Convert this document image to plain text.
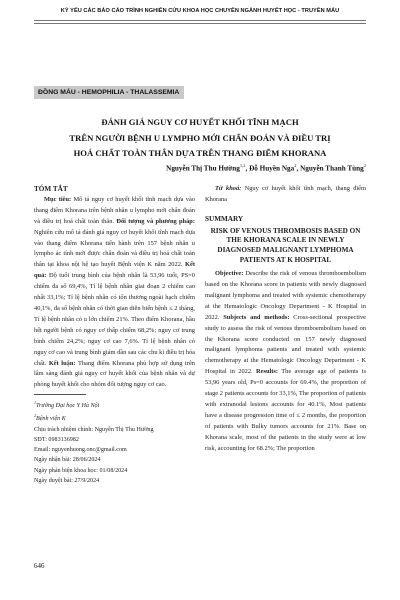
KỶ YẾU CÁC BÁO CÁO TRÌNH NGHIÊN CỨU KHOA HỌC CHUYÊN NGÀNH HUYẾT HỌC - TRUYỀN MÁU
ĐỒNG MÁU - HEMOPHILIA - THALASSEMIA
ĐÁNH GIÁ NGUY CƠ HUYẾT KHỐI TĨNH MẠCH
TRÊN NGƯỜI BỆNH U LYMPHO MỚI CHẨN ĐOÁN VÀ ĐIỀU TRỊ
HOÁ CHẤT TOÀN THÂN DỰA TRÊN THANG ĐIỂM KHORANA
Nguyễn Thị Thu Hường$^{1,2}$, Đỗ Huyền Nga$^2$, Nguyễn Thanh Tùng$^2$
TÓM TẮT

Mục tiêu: Mô tả nguy cơ huyết khối tĩnh mạch dựa vào thang điểm Khorana trên bệnh nhân u lympho mới chẩn đoán và điều trị hoá chất toàn thân. Đối tượng và phương pháp: Nghiên cứu mô tả đánh giá nguy cơ huyết khối tĩnh mạch dựa vào thang điểm Khorana tiến hành trên 157 bệnh nhân u lympho ác tính mới được chẩn đoán và điều trị hoá chất toàn thân tại khoa nội hệ tạo huyết Bệnh viện K năm 2022. Kết quả: Độ tuổi trung bình của bệnh nhân là 53,96 tuổi, PS=0 chiếm đa số 69,4%, Tỉ lệ bệnh nhân giai đoạn 2 chiếm cao nhất 33,1%; Tỉ lệ bệnh nhân có tổn thương ngoài hạch chiếm 40,1%, đa số bệnh nhân có thời gian diễn biến bệnh ≤ 2 tháng, Tỉ lệ bệnh nhân có u lớn chiếm 21%. Theo điểm Khorana, hầu hết người bệnh có nguy cơ thấp chiếm 68,2%; nguy cơ trung bình chiếm 24,2%; nguy cơ cao 7,6%. Tỉ lệ bệnh nhân có nguy cơ cao và trung bình giảm dần sau các chu kì điều trị hóa chất. Kết luận: Thang điểm Khorana phù hợp sử dụng trên lâm sàng đánh giá nguy cơ huyết khối của bệnh nhân và dự phòng huyết khối cho nhóm đối tượng nguy cơ cao.

$^1$Trường Đại học Y Hà Nội
$^2$Bệnh viện K
Chịu trách nhiệm chính: Nguyễn Thị Thu Hường
SĐT: 0983136982
Email: nguyenhuong.onc@gmail.com
Ngày nhận bài: 28/06/2024
Ngày phản biện khoa học: 01/08/2024
Ngày duyệt bài: 27/9/2024

Từ khoá: Nguy cơ huyết khối tĩnh mạch, thang điểm Khorana

SUMMARY
RISK OF VENOUS THROMBOSIS BASED ON THE KHORANA SCALE IN NEWLY DIAGNOSED MALIGNANT LYMPHOMA PATIENTS AT K HOSPITAL

Objective: Describe the risk of venous thromboembolism based on the Khorana score in patients with newly diagnosed malignant lymphoma and treated with systemic chemotherapy at the Hematologic Oncology Department - K Hospital in 2022. Subjects and methods: Cross-sectional prospective study to assess the risk of venous thromboembolism based on the Khorana score conducted on 157 newly diagnosed malignant lymphoma patients and treated with systemic chemotherapy at the Hematologic Oncology Department - K Hospital in 2022. Results: The average age of patients is 53,96 years old, Ps=0 accounts for 69.4%, the proportion of stage 2 patients accounts for 33,1%, The proportion of patients with extranodal lesions accounts for 40.1%, Most patients have a disease progression time of ≤ 2 months, the proportion of patients with Bulky tumors accounts for 21%. Base on Khorana scale, most of the patients in the study were at low risk, accounting for 68.2%; The proportion

646
